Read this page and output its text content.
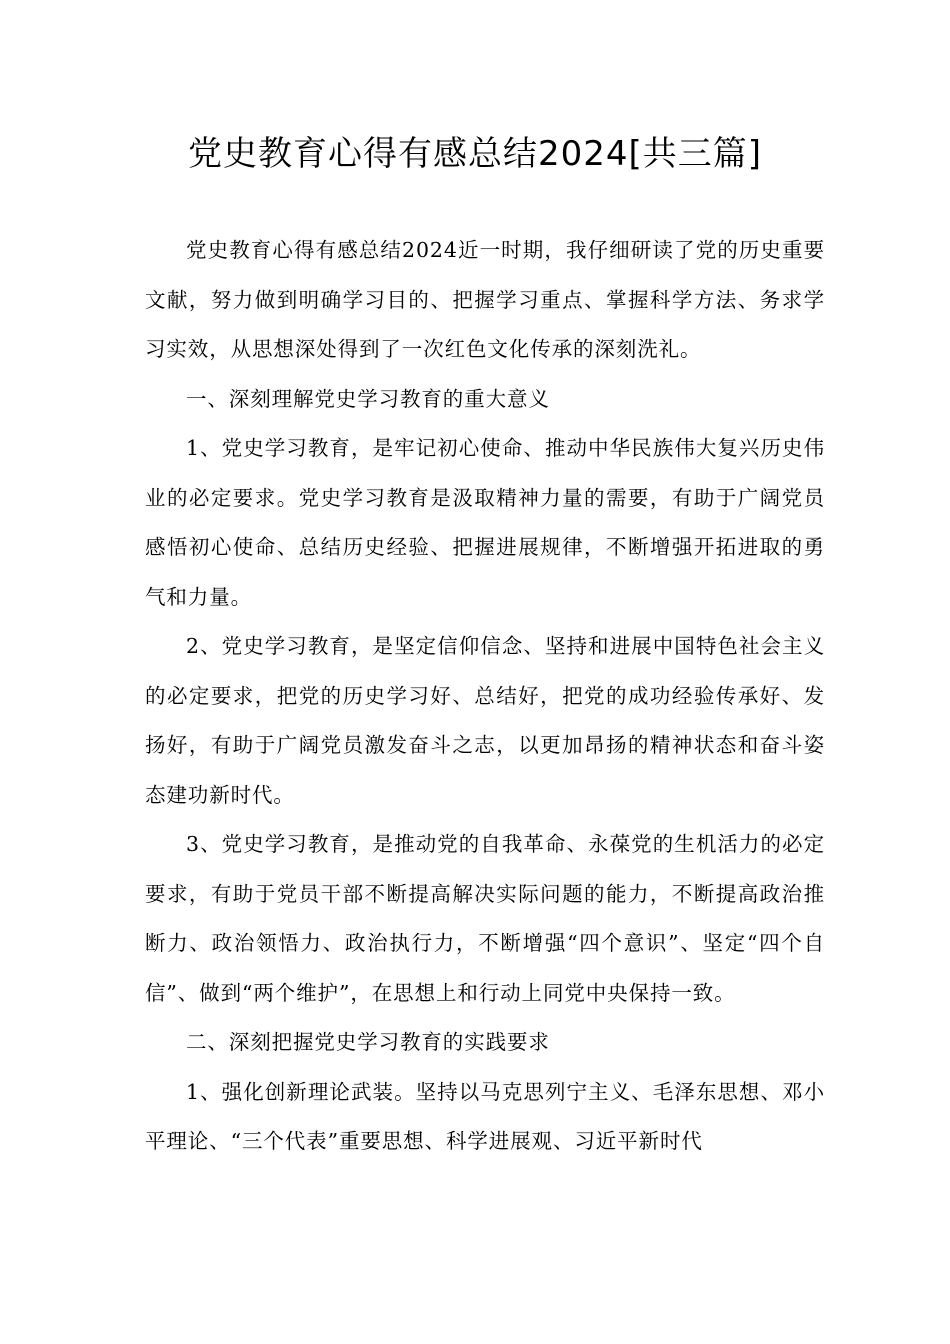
党史教育心得有感总结2024[共三篇]

党史教育心得有感总结2024近一时期，我仔细研读了党的历史重要文献，努力做到明确学习目的、把握学习重点、掌握科学方法、务求学习实效，从思想深处得到了一次红色文化传承的深刻洗礼。

一、深刻理解党史学习教育的重大意义

1、党史学习教育，是牢记初心使命、推动中华民族伟大复兴历史伟业的必定要求。党史学习教育是汲取精神力量的需要，有助于广阔党员感悟初心使命、总结历史经验、把握进展规律，不断增强开拓进取的勇气和力量。

2、党史学习教育，是坚定信仰信念、坚持和进展中国特色社会主义的必定要求，把党的历史学习好、总结好，把党的成功经验传承好、发扬好，有助于广阔党员激发奋斗之志，以更加昂扬的精神状态和奋斗姿态建功新时代。

3、党史学习教育，是推动党的自我革命、永葆党的生机活力的必定要求，有助于党员干部不断提高解决实际问题的能力，不断提高政治推断力、政治领悟力、政治执行力，不断增强“四个意识”、坚定“四个自信”、做到“两个维护”，在思想上和行动上同党中央保持一致。

二、深刻把握党史学习教育的实践要求

1、强化创新理论武装。坚持以马克思列宁主义、毛泽东思想、邓小平理论、“三个代表”重要思想、科学进展观、习近平新时代
